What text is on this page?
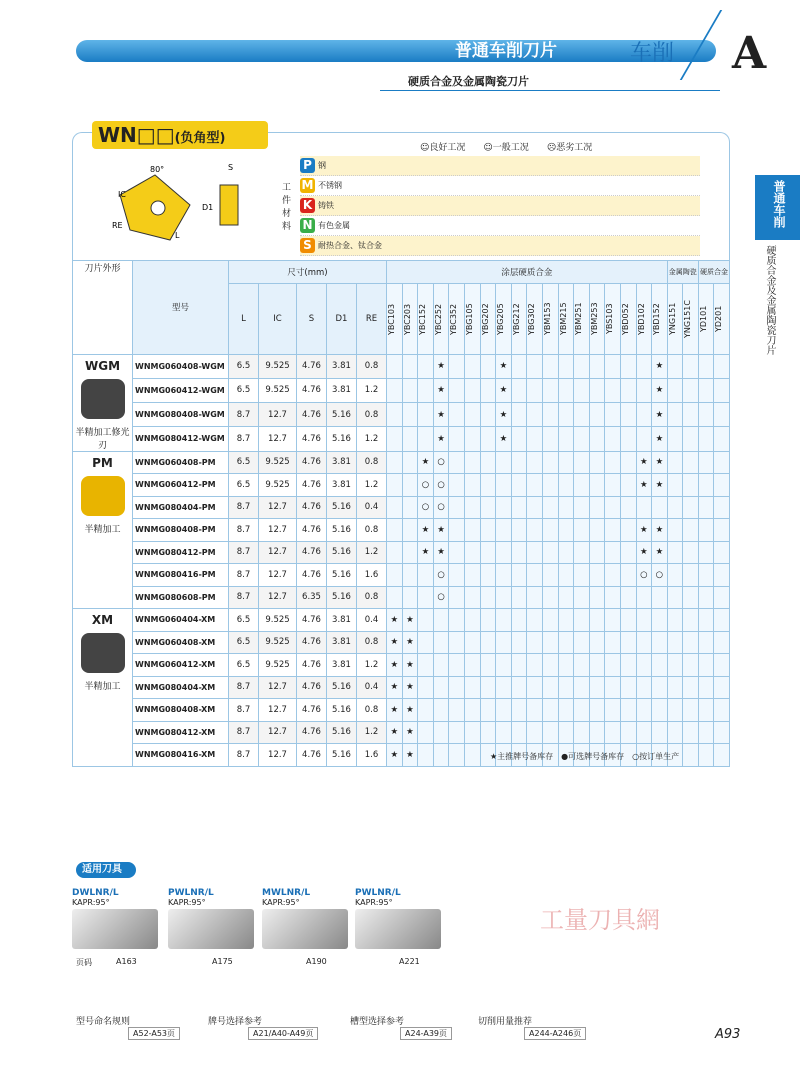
普通车削刀片	车削 A
硬质合金及金属陶瓷刀片
普通车削
硬质合金及金属陶瓷刀片
WN□□(负角型)
☺良好工况 ☺一般工况 ☹恶劣工况
80°	S
IC
RE
D1
L
工件材料
P 钢
M 不锈钢
K 铸铁
N 有色金属
S 耐热合金、钛合金
刀片外形	型号	尺寸(mm)					涂层硬质合金																		金属陶瓷		硬质合金	
		L	IC	S	D1	RE	YBC103	YBC203	YBC152	YBC252	YBC352	YBG105	YBG202	YBG205	YBG212	YBG302	YBM153	YBM215	YBM251	YBM253	YBS103	YBD052	YBD102	YBD152	YNG151	YNG151C	YD101	YD201

WGM
半精加工修光刃	WNMG060408-WGM	6.5	9.525	4.76	3.81	0.8				★				★										★				
	WNMG060412-WGM	6.5	9.525	4.76	3.81	1.2				★				★										★				
	WNMG080408-WGM	8.7	12.7	4.76	5.16	0.8				★				★										★				
	WNMG080412-WGM	8.7	12.7	4.76	5.16	1.2				★				★										★				

PM
半精加工	WNMG060408-PM	6.5	9.525	4.76	3.81	0.8			★	○													★	★				
	WNMG060412-PM	6.5	9.525	4.76	3.81	1.2			○	○													★	★				
	WNMG080404-PM	8.7	12.7	4.76	5.16	0.4			○	○																		
	WNMG080408-PM	8.7	12.7	4.76	5.16	0.8			★	★													★	★				
	WNMG080412-PM	8.7	12.7	4.76	5.16	1.2			★	★													★	★				
	WNMG080416-PM	8.7	12.7	4.76	5.16	1.6				○													○	○				
	WNMG080608-PM	8.7	12.7	6.35	5.16	0.8				○																		

XM
半精加工	WNMG060404-XM	6.5	9.525	4.76	3.81	0.4	★	★																				
	WNMG060408-XM	6.5	9.525	4.76	3.81	0.8	★	★																				
	WNMG060412-XM	6.5	9.525	4.76	3.81	1.2	★	★																				
	WNMG080404-XM	8.7	12.7	4.76	5.16	0.4	★	★																				
	WNMG080408-XM	8.7	12.7	4.76	5.16	0.8	★	★																				
	WNMG080412-XM	8.7	12.7	4.76	5.16	1.2	★	★																				
	WNMG080416-XM	8.7	12.7	4.76	5.16	1.6	★	★																					★主推牌号备库存　●可选牌号备库存　○按订单生产
适用刀具
DWLNR/L
KAPR:95°
A163
PWLNR/L
KAPR:95°
A175
MWLNR/L
KAPR:95°
A190
PWLNR/L
KAPR:95°
A221
页码
工量刀具網
型号命名规则
A52-A53页
牌号选择参考
A21/A40-A49页
槽型选择参考
A24-A39页
切削用量推荐
A244-A246页	A93
